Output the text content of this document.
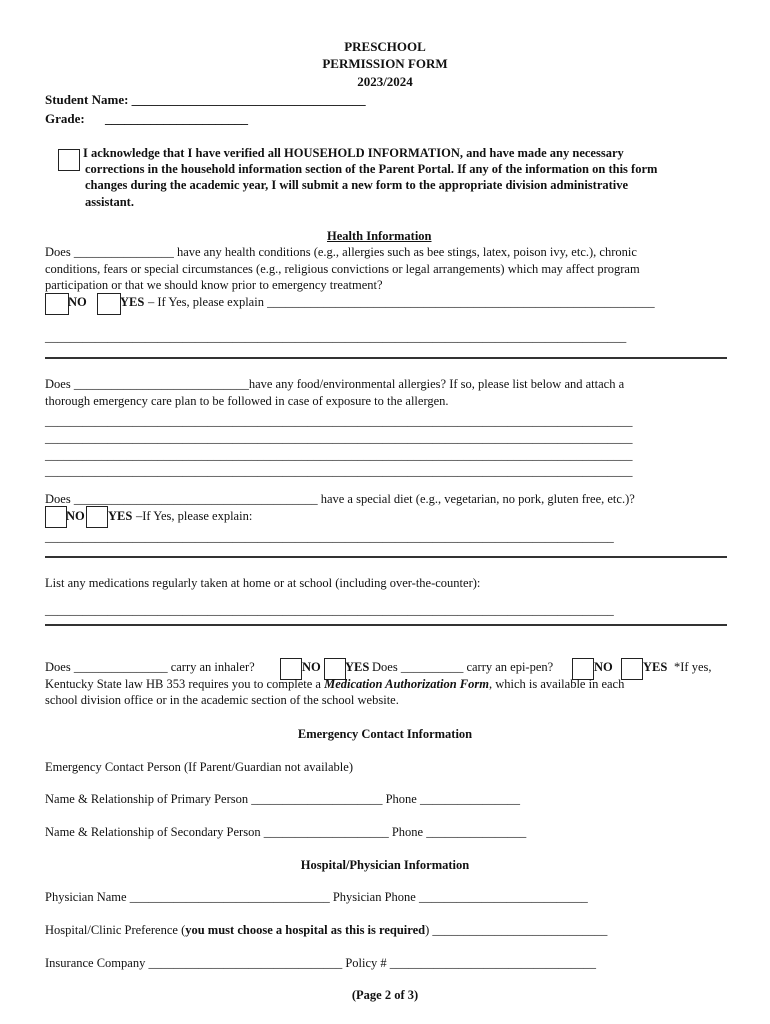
PRESCHOOL
PERMISSION FORM
2023/2024
Student Name: ____________________________________
Grade: ______________________
I acknowledge that I have verified all HOUSEHOLD INFORMATION, and have made any necessary
corrections in the household information section of the Parent Portal. If any of the information on this form
changes during the academic year, I will submit a new form to the appropriate division administrative
assistant.
Health Information
Does ________________ have any health conditions (e.g., allergies such as bee stings, latex, poison ivy, etc.), chronic
conditions, fears or special circumstances (e.g., religious convictions or legal arrangements) which may affect program
participation or that we should know prior to emergency treatment?
NO	YES – If Yes, please explain ______________________________________________________________
_____________________________________________________________________________________________
Does ____________________________have any food/environmental allergies? If so, please list below and attach a
thorough emergency care plan to be followed in case of exposure to the allergen.
______________________________________________________________________________________________
______________________________________________________________________________________________
______________________________________________________________________________________________
______________________________________________________________________________________________
Does _______________________________________ have a special diet (e.g., vegetarian, no pork, gluten free, etc.)?
NO YES –If Yes, please explain:
___________________________________________________________________________________________
List any medications regularly taken at home or at school (including over-the-counter):
___________________________________________________________________________________________
Does _______________ carry an inhaler?	NO YES Does __________ carry an epi-pen?	NO YES *If yes,
Kentucky State law HB 353 requires you to complete a Medication Authorization Form, which is available in each
school division office or in the academic section of the school website.
Emergency Contact Information
Emergency Contact Person (If Parent/Guardian not available)
Name & Relationship of Primary Person _____________________ Phone ________________
Name & Relationship of Secondary Person ____________________ Phone ________________
Hospital/Physician Information
Physician Name ________________________________ Physician Phone ___________________________
Hospital/Clinic Preference (you must choose a hospital as this is required) ____________________________
Insurance Company _______________________________ Policy # _________________________________
(Page 2 of 3)
